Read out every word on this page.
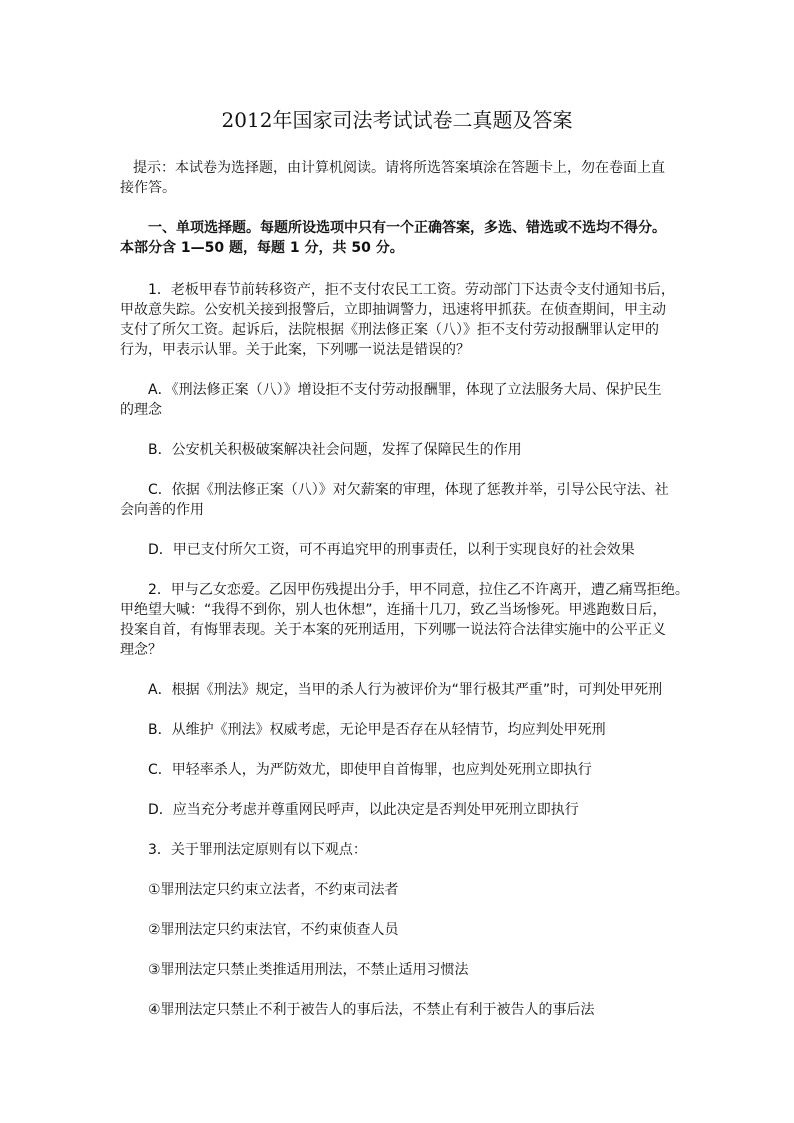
2012年国家司法考试试卷二真题及答案
提示：本试卷为选择题，由计算机阅读。请将所选答案填涂在答题卡上，勿在卷面上直
接作答。
一、单项选择题。每题所设选项中只有一个正确答案，多选、错选或不选均不得分。
本部分含 1—50 题，每题 1 分，共 50 分。
1．老板甲春节前转移资产，拒不支付农民工工资。劳动部门下达责令支付通知书后，
甲故意失踪。公安机关接到报警后，立即抽调警力，迅速将甲抓获。在侦查期间，甲主动
支付了所欠工资。起诉后，法院根据《刑法修正案（八）》拒不支付劳动报酬罪认定甲的
行为，甲表示认罪。关于此案，下列哪一说法是错误的？
A．《刑法修正案（八）》增设拒不支付劳动报酬罪，体现了立法服务大局、保护民生
的理念
B．公安机关积极破案解决社会问题，发挥了保障民生的作用
C．依据《刑法修正案（八）》对欠薪案的审理，体现了惩教并举，引导公民守法、社
会向善的作用
D．甲已支付所欠工资，可不再追究甲的刑事责任，以利于实现良好的社会效果
2．甲与乙女恋爱。乙因甲伤残提出分手，甲不同意，拉住乙不许离开，遭乙痛骂拒绝。
甲绝望大喊：“我得不到你，别人也休想”，连捅十几刀，致乙当场惨死。甲逃跑数日后，
投案自首，有悔罪表现。关于本案的死刑适用，下列哪一说法符合法律实施中的公平正义
理念？
A．根据《刑法》规定，当甲的杀人行为被评价为“罪行极其严重”时，可判处甲死刑
B．从维护《刑法》权威考虑，无论甲是否存在从轻情节，均应判处甲死刑
C．甲轻率杀人，为严防效尤，即使甲自首悔罪，也应判处死刑立即执行
D．应当充分考虑并尊重网民呼声，以此决定是否判处甲死刑立即执行
3．关于罪刑法定原则有以下观点：
①罪刑法定只约束立法者，不约束司法者
②罪刑法定只约束法官，不约束侦查人员
③罪刑法定只禁止类推适用刑法，不禁止适用习惯法
④罪刑法定只禁止不利于被告人的事后法，不禁止有利于被告人的事后法
